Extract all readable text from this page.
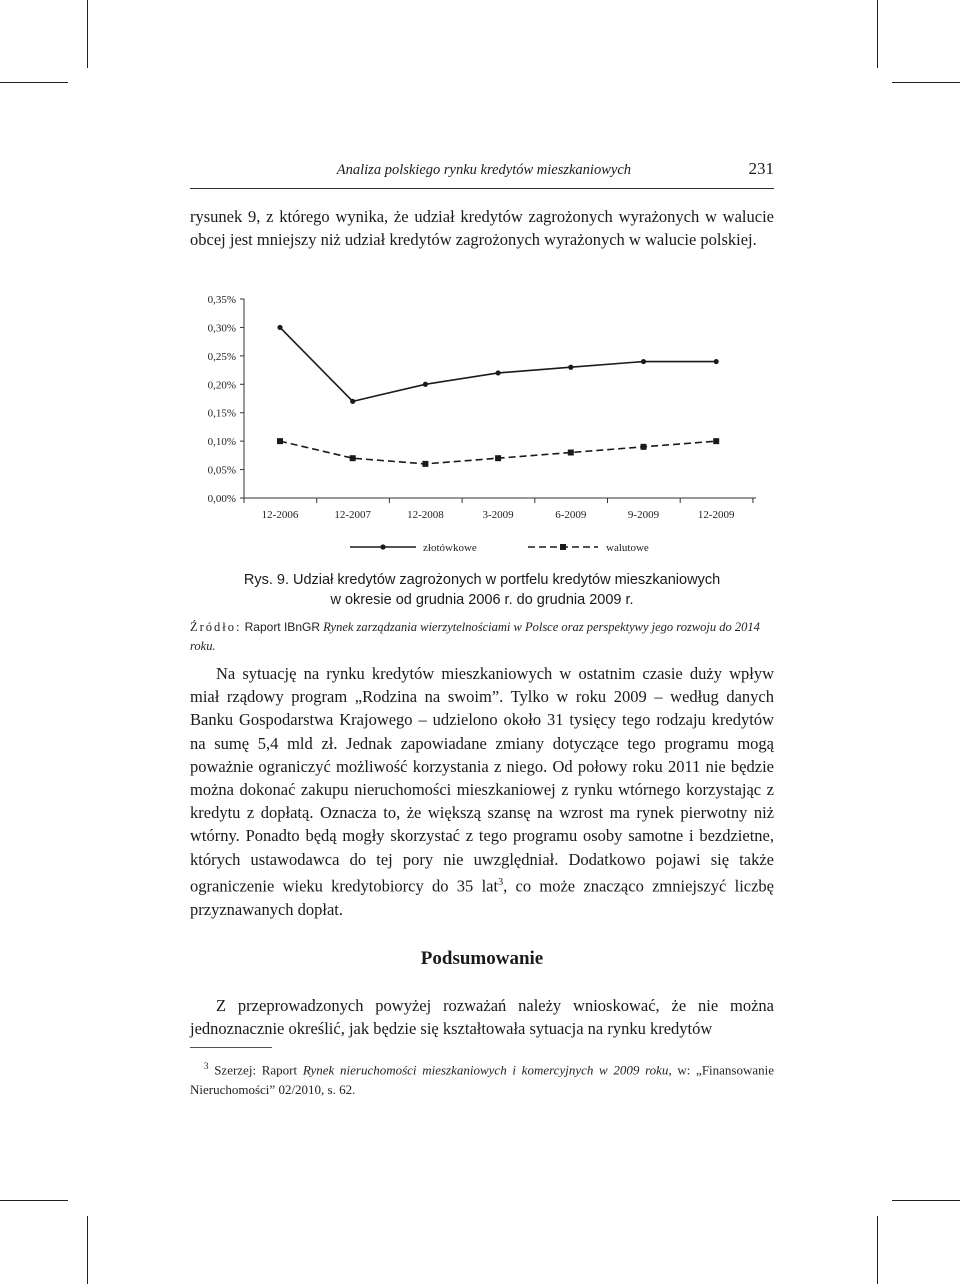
Analiza polskiego rynku kredytów mieszkaniowych	231

rysunek 9, z którego wynika, że udział kredytów zagrożonych wyrażonych w walucie obcej jest mniejszy niż udział kredytów zagrożonych wyrażonych w walucie polskiej.

0,00%
0,05%
0,10%
0,15%
0,20%
0,25%
0,30%
0,35%
12-2006	12-2007	12-2008	3-2009	6-2009	9-2009	12-2009
złotówkowe	walutowe
Rys. 9. Udział kredytów zagrożonych w portfelu kredytów mieszkaniowych
w okresie od grudnia 2006 r. do grudnia 2009 r.
Źródło: Raport IBnGR Rynek zarządzania wierzytelnościami w Polsce oraz perspektywy jego rozwoju do 2014 roku.

Na sytuację na rynku kredytów mieszkaniowych w ostatnim czasie duży wpływ miał rządowy program „Rodzina na swoim”. Tylko w roku 2009 – według danych Banku Gospodarstwa Krajowego – udzielono około 31 tysięcy tego rodzaju kredytów na sumę 5,4 mld zł. Jednak zapowiadane zmiany dotyczące tego programu mogą poważnie ograniczyć możliwość korzystania z niego. Od połowy roku 2011 nie będzie można dokonać zakupu nieruchomości mieszkaniowej z rynku wtórnego korzystając z kredytu z dopłatą. Oznacza to, że większą szansę na wzrost ma rynek pierwotny niż wtórny. Ponadto będą mogły skorzystać z tego programu osoby samotne i bezdzietne, których ustawodawca do tej pory nie uwzględniał. Dodatkowo pojawi się także ograniczenie wieku kredytobiorcy do 35 lat$^3$, co może znacząco zmniejszyć liczbę przyznawanych dopłat.

Podsumowanie

Z przeprowadzonych powyżej rozważań należy wnioskować, że nie można jednoznacznie określić, jak będzie się kształtowała sytuacja na rynku kredytów

$^3$ Szerzej: Raport Rynek nieruchomości mieszkaniowych i komercyjnych w 2009 roku, w: „Finansowanie Nieruchomości” 02/2010, s. 62.
